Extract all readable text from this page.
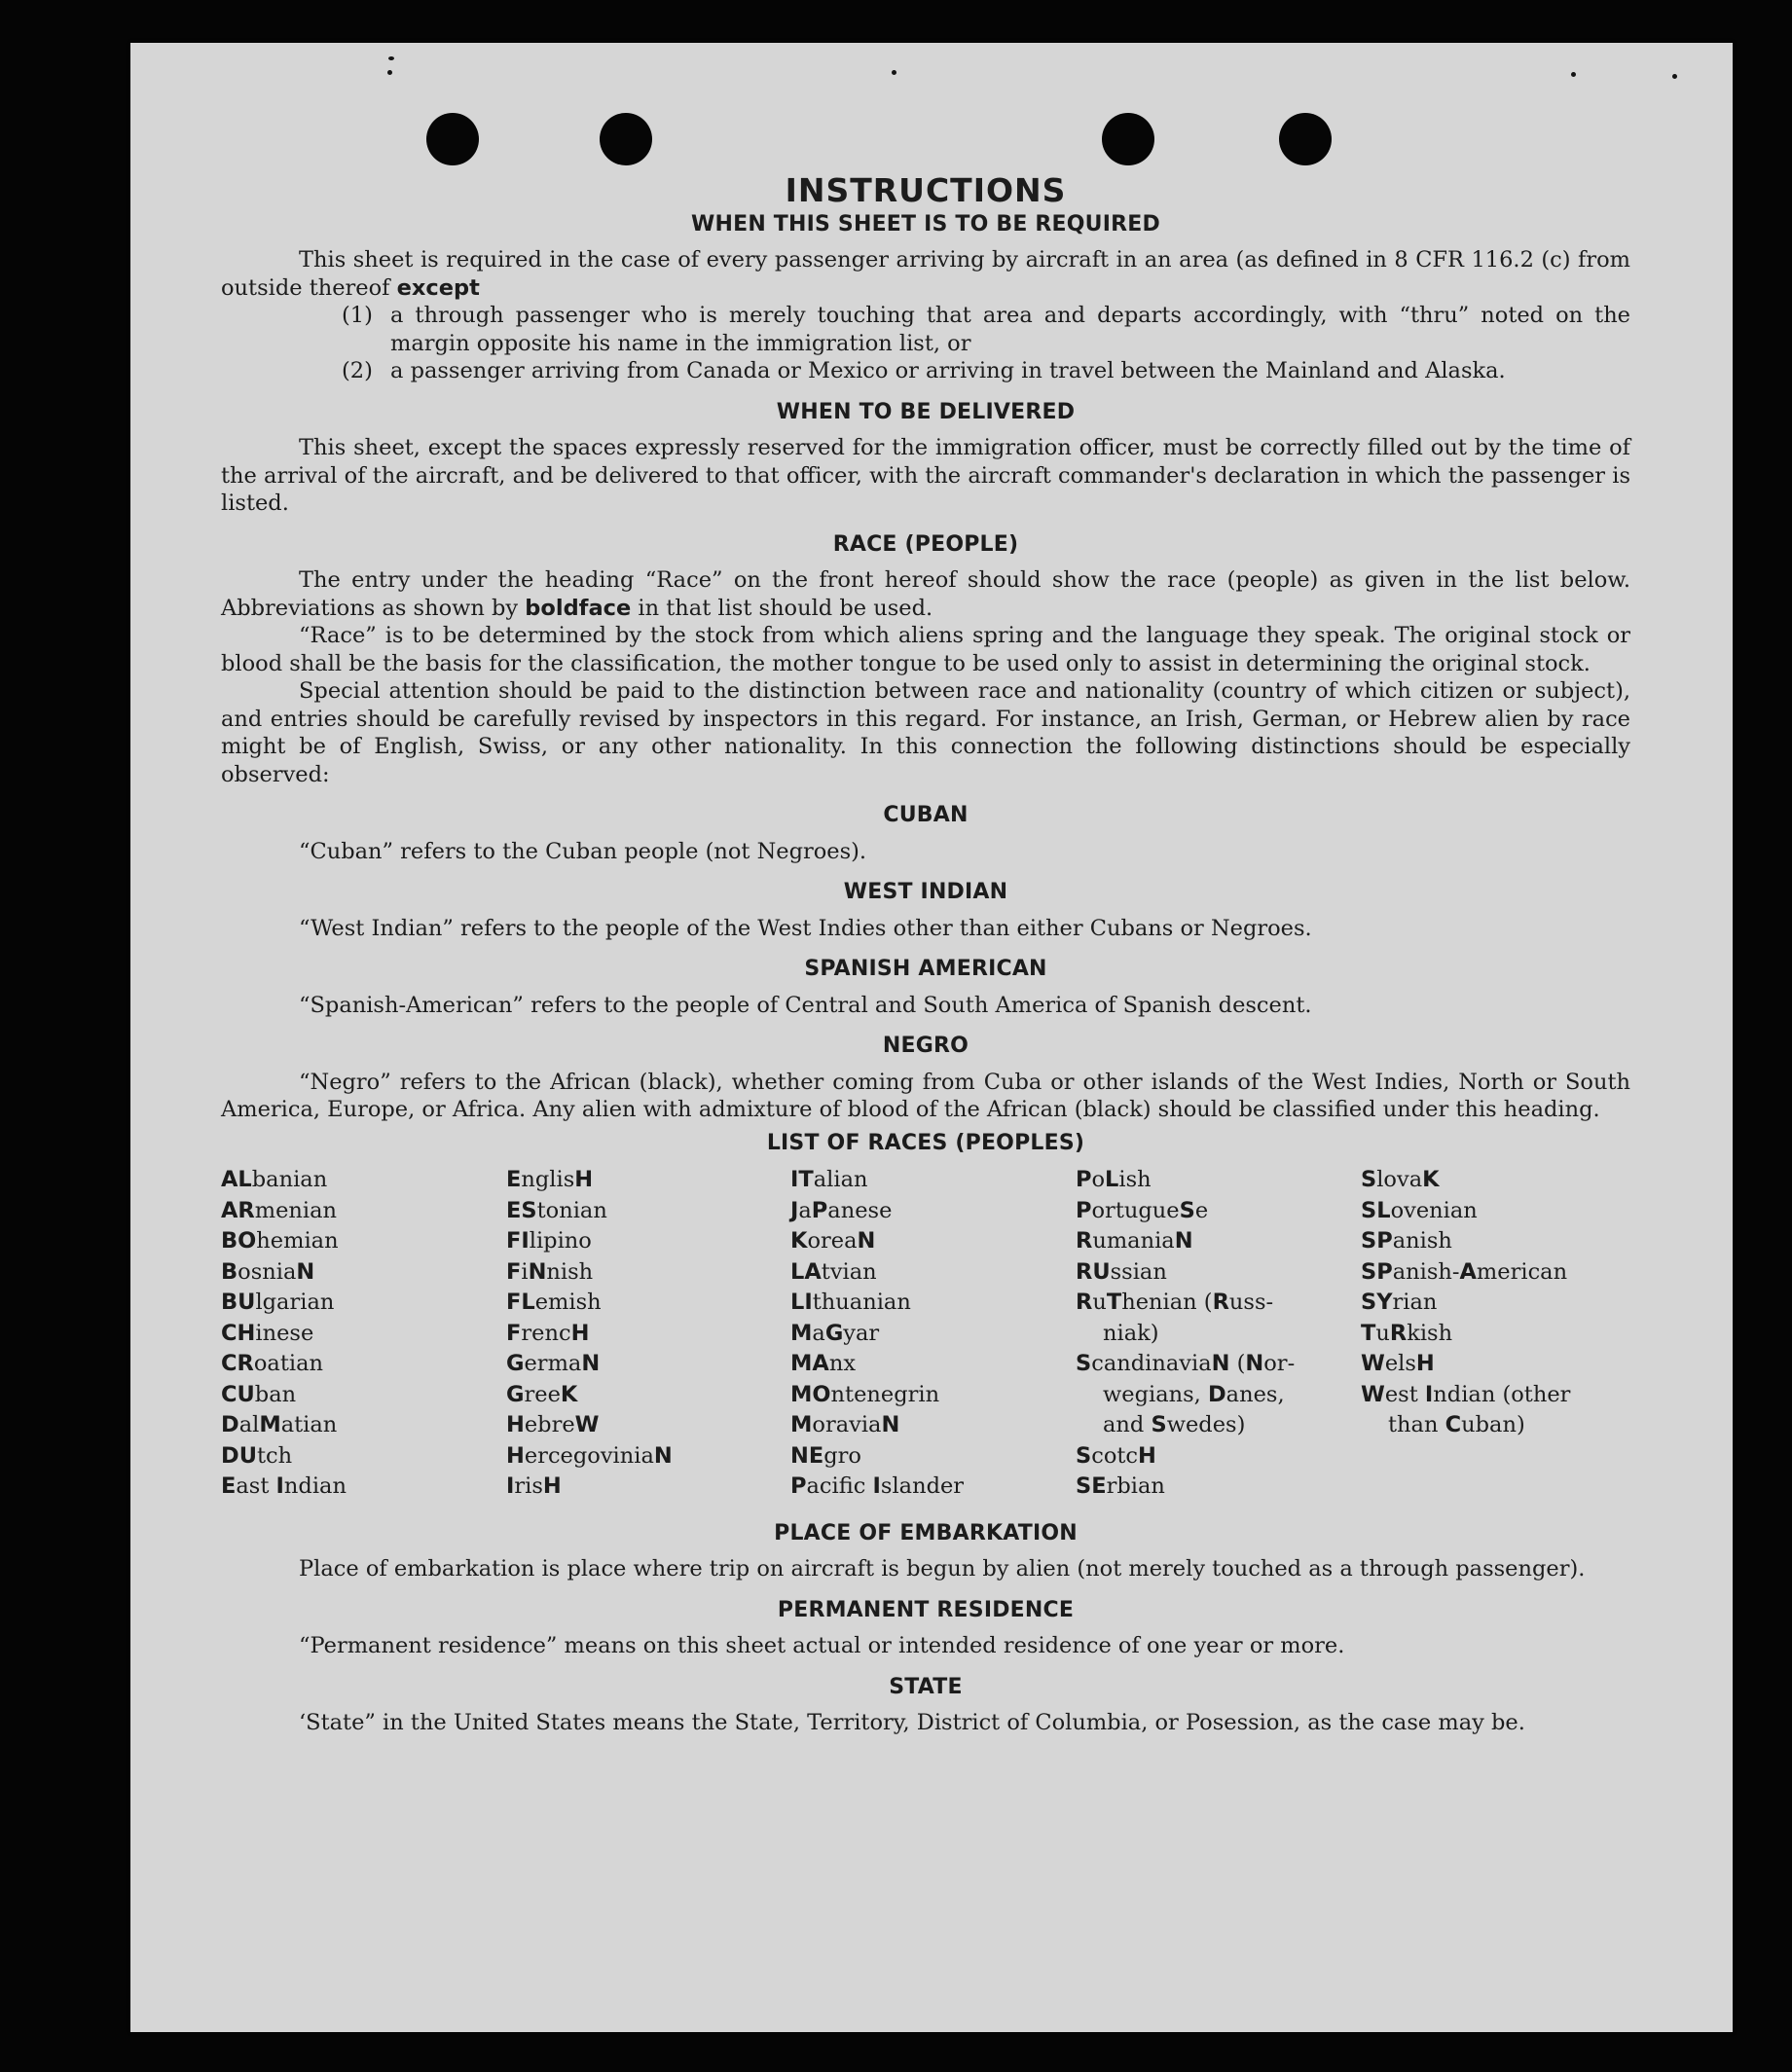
INSTRUCTIONS
WHEN THIS SHEET IS TO BE REQUIRED

This sheet is required in the case of every passenger arriving by aircraft in an area (as defined in 8 CFR 116.2 (c) from outside thereof except

(1) a through passenger who is merely touching that area and departs accordingly, with “thru” noted on the margin opposite his name in the immigration list, or
(2) a passenger arriving from Canada or Mexico or arriving in travel between the Mainland and Alaska.
WHEN TO BE DELIVERED

This sheet, except the spaces expressly reserved for the immigration officer, must be correctly filled out by the time of the arrival of the aircraft, and be delivered to that officer, with the aircraft commander's declaration in which the passenger is listed.

RACE (PEOPLE)

The entry under the heading “Race” on the front hereof should show the race (people) as given in the list below. Abbreviations as shown by boldface in that list should be used.

“Race” is to be determined by the stock from which aliens spring and the language they speak. The original stock or blood shall be the basis for the classification, the mother tongue to be used only to assist in determining the original stock.

Special attention should be paid to the distinction between race and nationality (country of which citizen or subject), and entries should be carefully revised by inspectors in this regard. For instance, an Irish, German, or Hebrew alien by race might be of English, Swiss, or any other nationality. In this connection the following distinctions should be especially observed:

CUBAN

“Cuban” refers to the Cuban people (not Negroes).

WEST INDIAN

“West Indian” refers to the people of the West Indies other than either Cubans or Negroes.

SPANISH AMERICAN

“Spanish-American” refers to the people of Central and South America of Spanish descent.

NEGRO

“Negro” refers to the African (black), whether coming from Cuba or other islands of the West Indies, North or South America, Europe, or Africa. Any alien with admixture of blood of the African (black) should be classified under this heading.

LIST OF RACES (PEOPLES)
ALbanian
ARmenian
BOhemian
BosniaN
BUlgarian
CHinese
CRoatian
CUban
DalMatian
DUtch
East Indian
EnglisH
EStonian
FIlipino
FiNnish
FLemish
FrencH
GermaN
GreeK
HebreW
HercegoviniaN
IrisH
ITalian
JaPanese
KoreaN
LAtvian
LIthuanian
MaGyar
MAnx
MOntenegrin
MoraviaN
NEgro
Pacifc Islander
PoLish
PortugueSe
RumaniaN
RUssian
RuThenian (Russ-
niak)
ScandinaviaN (Nor-
wegians, Danes,
and Swedes)
ScotcH
SErbian
SlovaK
SLovenian
SPanish
SPanish-American
SYrian
TuRkish
WelsH
West Indian (other
than Cuban)
PLACE OF EMBARKATION

Place of embarkation is place where trip on aircraft is begun by alien (not merely touched as a through passenger).

PERMANENT RESIDENCE

“Permanent residence” means on this sheet actual or intended residence of one year or more.

STATE

‘State” in the United States means the State, Territory, District of Columbia, or Posession, as the case may be.
